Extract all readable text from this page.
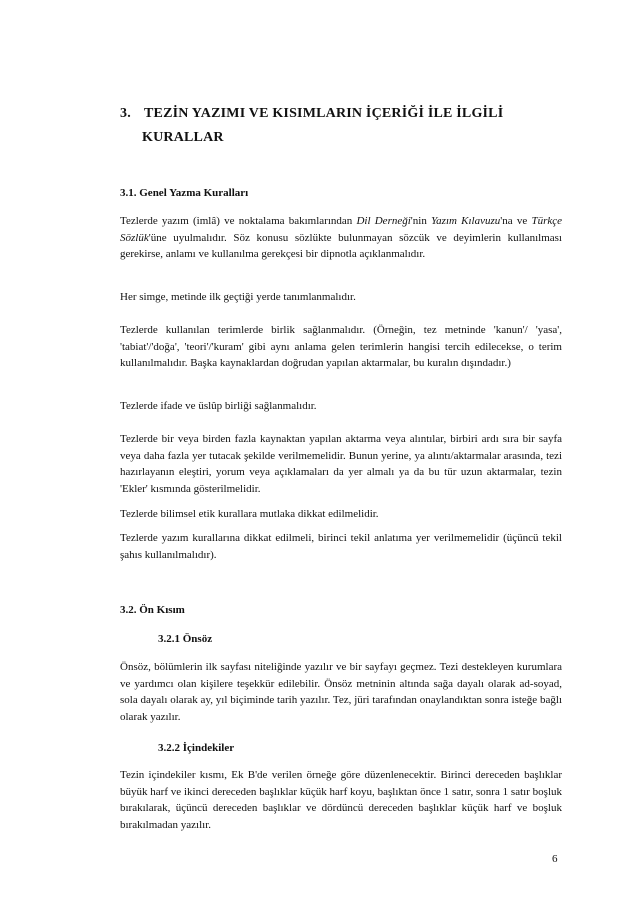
3. TEZİN YAZIMI VE KISIMLARIN İÇERİĞİ İLE İLGİLİ
KURALLAR
3.1. Genel Yazma Kuralları
Tezlerde yazım (imlâ) ve noktalama bakımlarından Dil Derneği'nin Yazım Kılavuzu'na ve Türkçe Sözlük'üne uyulmalıdır. Söz konusu sözlükte bulunmayan sözcük ve deyimlerin kullanılması gerekirse, anlamı ve kullanılma gerekçesi bir dipnotla açıklanmalıdır.
Her simge, metinde ilk geçtiği yerde tanımlanmalıdır.
Tezlerde kullanılan terimlerde birlik sağlanmalıdır. (Örneğin, tez metninde 'kanun'/ 'yasa', 'tabiat'/'doğa', 'teori'/'kuram' gibi aynı anlama gelen terimlerin hangisi tercih edilecekse, o terim kullanılmalıdır. Başka kaynaklardan doğrudan yapılan aktarmalar, bu kuralın dışındadır.)
Tezlerde ifade ve üslûp birliği sağlanmalıdır.
Tezlerde bir veya birden fazla kaynaktan yapılan aktarma veya alıntılar, birbiri ardı sıra bir sayfa veya daha fazla yer tutacak şekilde verilmemelidir. Bunun yerine, ya alıntı/aktarmalar arasında, tezi hazırlayanın eleştiri, yorum veya açıklamaları da yer almalı ya da bu tür uzun aktarmalar, tezin 'Ekler' kısmında gösterilmelidir.
Tezlerde bilimsel etik kurallara mutlaka dikkat edilmelidir.
Tezlerde yazım kurallarına dikkat edilmeli, birinci tekil anlatıma yer verilmemelidir (üçüncü tekil şahıs kullanılmalıdır).
3.2. Ön Kısım
3.2.1 Önsöz
Önsöz, bölümlerin ilk sayfası niteliğinde yazılır ve bir sayfayı geçmez. Tezi destekleyen kurumlara ve yardımcı olan kişilere teşekkür edilebilir. Önsöz metninin altında sağa dayalı olarak ad-soyad, sola dayalı olarak ay, yıl biçiminde tarih yazılır. Tez, jüri tarafından onaylandıktan sonra isteğe bağlı olarak yazılır.
3.2.2 İçindekiler
Tezin içindekiler kısmı, Ek B'de verilen örneğe göre düzenlenecektir. Birinci dereceden başlıklar büyük harf ve ikinci dereceden başlıklar küçük harf koyu, başlıktan önce 1 satır, sonra 1 satır boşluk bırakılarak, üçüncü dereceden başlıklar ve dördüncü dereceden başlıklar küçük harf ve boşluk bırakılmadan yazılır.
6
